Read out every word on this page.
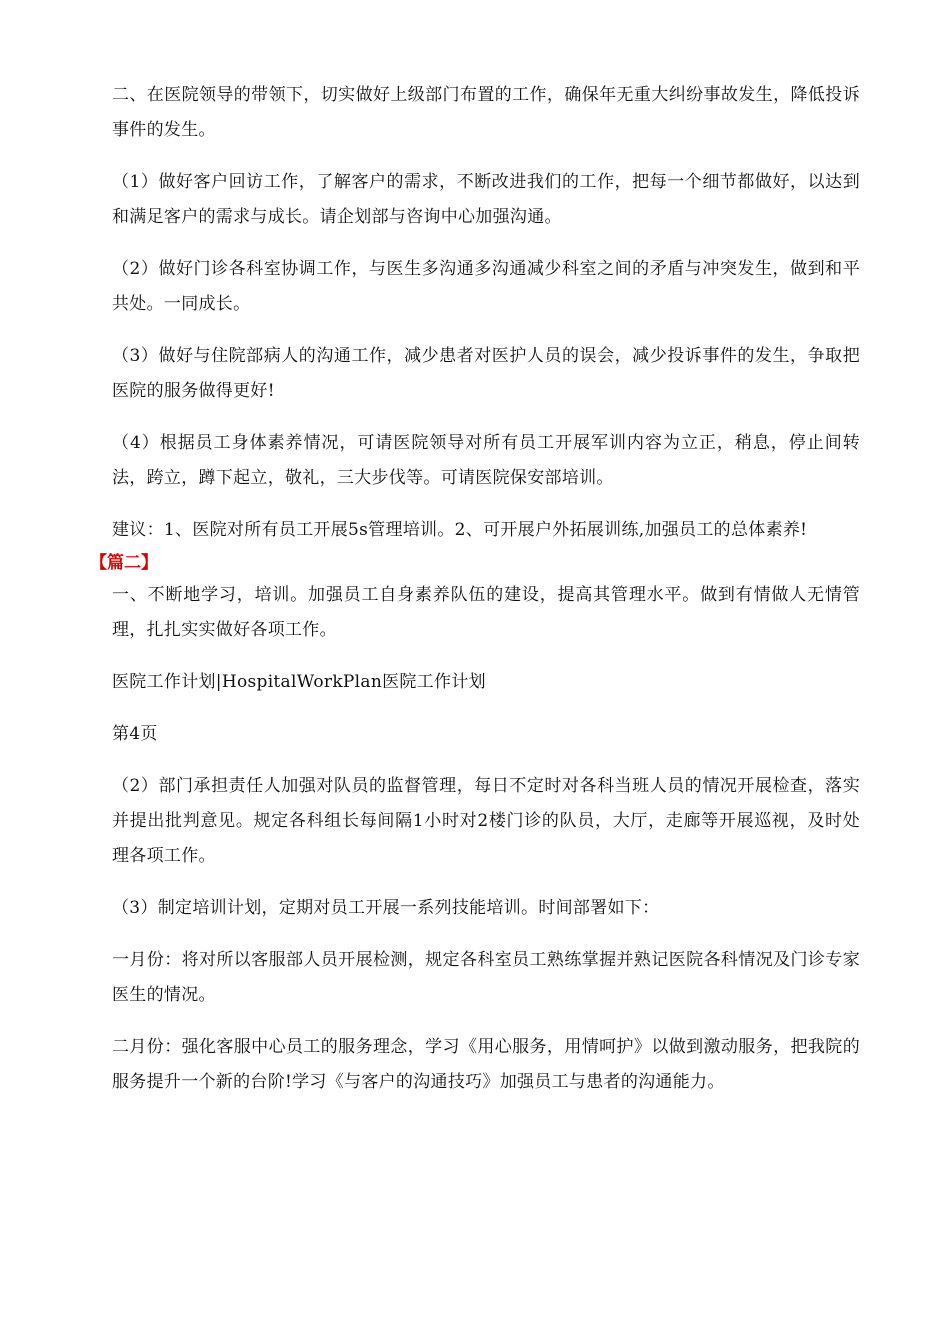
二、在医院领导的带领下，切实做好上级部门布置的工作，确保年无重大纠纷事故发生，降低投诉事件的发生。

（1）做好客户回访工作，了解客户的需求，不断改进我们的工作，把每一个细节都做好，以达到和满足客户的需求与成长。请企划部与咨询中心加强沟通。

（2）做好门诊各科室协调工作，与医生多沟通多沟通减少科室之间的矛盾与冲突发生，做到和平共处。一同成长。

（3）做好与住院部病人的沟通工作，减少患者对医护人员的误会，减少投诉事件的发生，争取把医院的服务做得更好!

（4）根据员工身体素养情况，可请医院领导对所有员工开展军训内容为立正，稍息，停止间转法，跨立，蹲下起立，敬礼，三大步伐等。可请医院保安部培训。

建议：1、医院对所有员工开展5s管理培训。2、可开展户外拓展训练,加强员工的总体素养!

【篇二】

一、不断地学习，培训。加强员工自身素养队伍的建设，提高其管理水平。做到有情做人无情管理，扎扎实实做好各项工作。

医院工作计划|HospitalWorkPlan医院工作计划

第4页

（2）部门承担责任人加强对队员的监督管理，每日不定时对各科当班人员的情况开展检查，落实并提出批判意见。规定各科组长每间隔1小时对2楼门诊的队员，大厅，走廊等开展巡视，及时处理各项工作。

（3）制定培训计划，定期对员工开展一系列技能培训。时间部署如下：

一月份：将对所以客服部人员开展检测，规定各科室员工熟练掌握并熟记医院各科情况及门诊专家医生的情况。

二月份：强化客服中心员工的服务理念，学习《用心服务，用情呵护》以做到激动服务，把我院的服务提升一个新的台阶!学习《与客户的沟通技巧》加强员工与患者的沟通能力。
